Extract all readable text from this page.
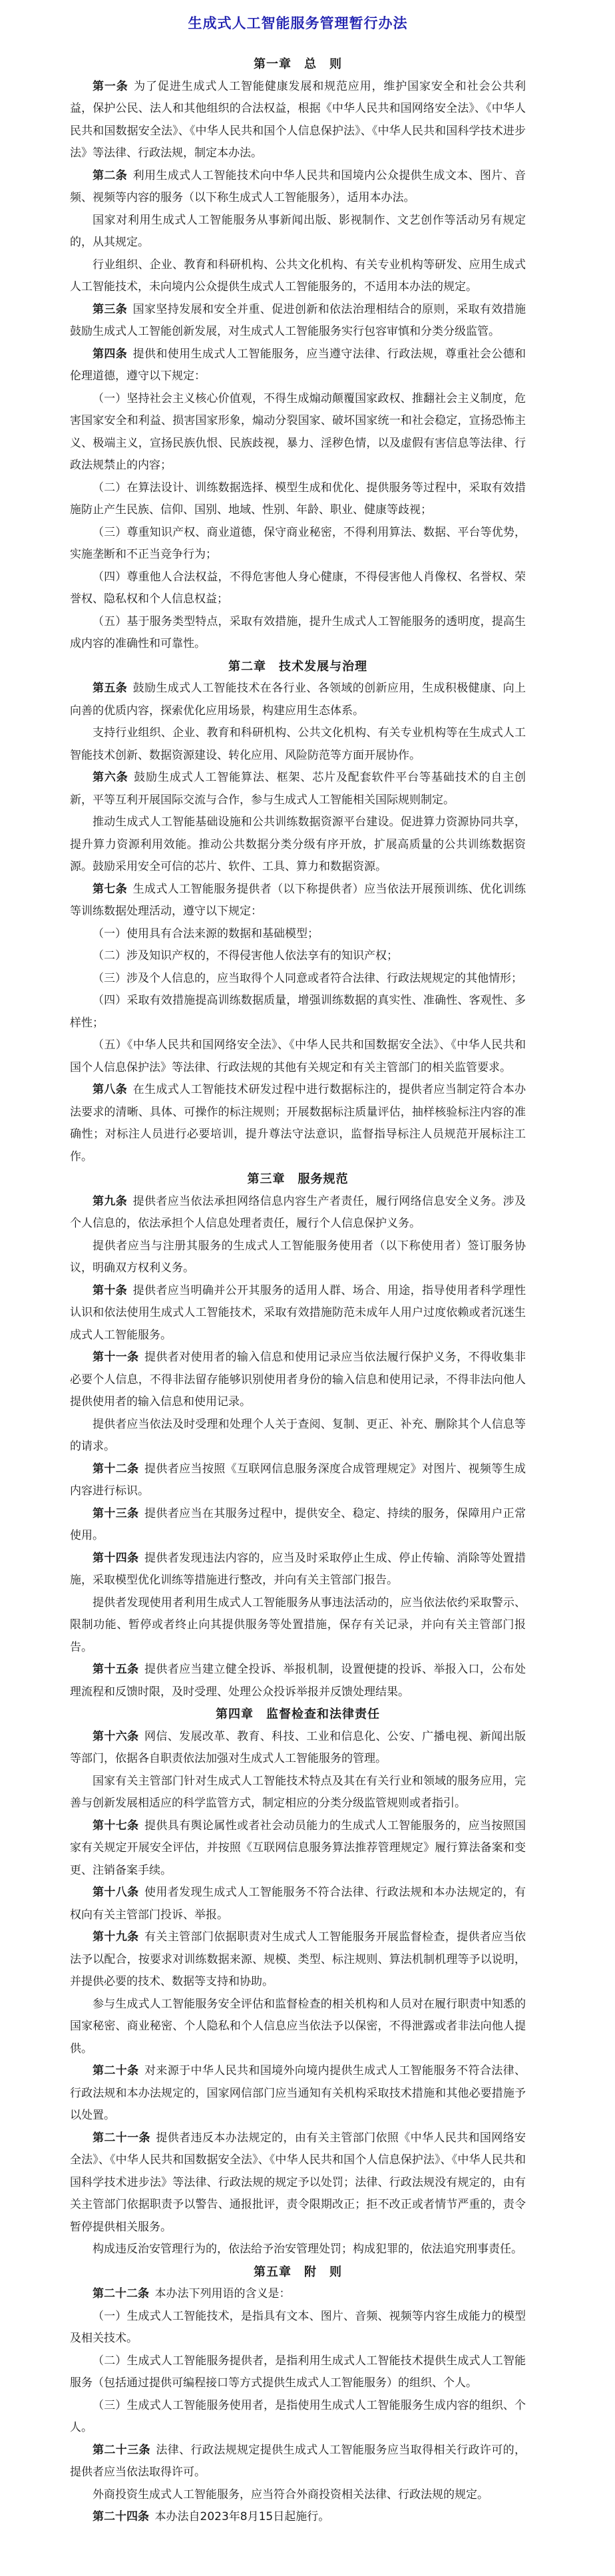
生成式人工智能服务管理暂行办法
第一章　总　则

第一条 为了促进生成式人工智能健康发展和规范应用，维护国家安全和社会公共利益，保护公民、法人和其他组织的合法权益，根据《中华人民共和国网络安全法》、《中华人民共和国数据安全法》、《中华人民共和国个人信息保护法》、《中华人民共和国科学技术进步法》等法律、行政法规，制定本办法。

第二条 利用生成式人工智能技术向中华人民共和国境内公众提供生成文本、图片、音频、视频等内容的服务（以下称生成式人工智能服务），适用本办法。

国家对利用生成式人工智能服务从事新闻出版、影视制作、文艺创作等活动另有规定的，从其规定。

行业组织、企业、教育和科研机构、公共文化机构、有关专业机构等研发、应用生成式人工智能技术，未向境内公众提供生成式人工智能服务的，不适用本办法的规定。

第三条 国家坚持发展和安全并重、促进创新和依法治理相结合的原则，采取有效措施鼓励生成式人工智能创新发展，对生成式人工智能服务实行包容审慎和分类分级监管。

第四条 提供和使用生成式人工智能服务，应当遵守法律、行政法规，尊重社会公德和伦理道德，遵守以下规定：

（一）坚持社会主义核心价值观，不得生成煽动颠覆国家政权、推翻社会主义制度，危害国家安全和利益、损害国家形象，煽动分裂国家、破坏国家统一和社会稳定，宣扬恐怖主义、极端主义，宣扬民族仇恨、民族歧视，暴力、淫秽色情，以及虚假有害信息等法律、行政法规禁止的内容；

（二）在算法设计、训练数据选择、模型生成和优化、提供服务等过程中，采取有效措施防止产生民族、信仰、国别、地域、性别、年龄、职业、健康等歧视；

（三）尊重知识产权、商业道德，保守商业秘密，不得利用算法、数据、平台等优势，实施垄断和不正当竞争行为；

（四）尊重他人合法权益，不得危害他人身心健康，不得侵害他人肖像权、名誉权、荣誉权、隐私权和个人信息权益；

（五）基于服务类型特点，采取有效措施，提升生成式人工智能服务的透明度，提高生成内容的准确性和可靠性。

第二章　技术发展与治理

第五条 鼓励生成式人工智能技术在各行业、各领域的创新应用，生成积极健康、向上向善的优质内容，探索优化应用场景，构建应用生态体系。

支持行业组织、企业、教育和科研机构、公共文化机构、有关专业机构等在生成式人工智能技术创新、数据资源建设、转化应用、风险防范等方面开展协作。

第六条 鼓励生成式人工智能算法、框架、芯片及配套软件平台等基础技术的自主创新，平等互利开展国际交流与合作，参与生成式人工智能相关国际规则制定。

推动生成式人工智能基础设施和公共训练数据资源平台建设。促进算力资源协同共享，提升算力资源利用效能。推动公共数据分类分级有序开放，扩展高质量的公共训练数据资源。鼓励采用安全可信的芯片、软件、工具、算力和数据资源。

第七条 生成式人工智能服务提供者（以下称提供者）应当依法开展预训练、优化训练等训练数据处理活动，遵守以下规定：

（一）使用具有合法来源的数据和基础模型；

（二）涉及知识产权的，不得侵害他人依法享有的知识产权；

（三）涉及个人信息的，应当取得个人同意或者符合法律、行政法规规定的其他情形；

（四）采取有效措施提高训练数据质量，增强训练数据的真实性、准确性、客观性、多样性；

（五）《中华人民共和国网络安全法》、《中华人民共和国数据安全法》、《中华人民共和国个人信息保护法》等法律、行政法规的其他有关规定和有关主管部门的相关监管要求。

第八条 在生成式人工智能技术研发过程中进行数据标注的，提供者应当制定符合本办法要求的清晰、具体、可操作的标注规则；开展数据标注质量评估，抽样核验标注内容的准确性；对标注人员进行必要培训，提升尊法守法意识，监督指导标注人员规范开展标注工作。

第三章　服务规范

第九条 提供者应当依法承担网络信息内容生产者责任，履行网络信息安全义务。涉及个人信息的，依法承担个人信息处理者责任，履行个人信息保护义务。

提供者应当与注册其服务的生成式人工智能服务使用者（以下称使用者）签订服务协议，明确双方权利义务。

第十条 提供者应当明确并公开其服务的适用人群、场合、用途，指导使用者科学理性认识和依法使用生成式人工智能技术，采取有效措施防范未成年人用户过度依赖或者沉迷生成式人工智能服务。

第十一条 提供者对使用者的输入信息和使用记录应当依法履行保护义务，不得收集非必要个人信息，不得非法留存能够识别使用者身份的输入信息和使用记录，不得非法向他人提供使用者的输入信息和使用记录。

提供者应当依法及时受理和处理个人关于查阅、复制、更正、补充、删除其个人信息等的请求。

第十二条 提供者应当按照《互联网信息服务深度合成管理规定》对图片、视频等生成内容进行标识。

第十三条 提供者应当在其服务过程中，提供安全、稳定、持续的服务，保障用户正常使用。

第十四条 提供者发现违法内容的，应当及时采取停止生成、停止传输、消除等处置措施，采取模型优化训练等措施进行整改，并向有关主管部门报告。

提供者发现使用者利用生成式人工智能服务从事违法活动的，应当依法依约采取警示、限制功能、暂停或者终止向其提供服务等处置措施，保存有关记录，并向有关主管部门报告。

第十五条 提供者应当建立健全投诉、举报机制，设置便捷的投诉、举报入口，公布处理流程和反馈时限，及时受理、处理公众投诉举报并反馈处理结果。

第四章　监督检查和法律责任

第十六条 网信、发展改革、教育、科技、工业和信息化、公安、广播电视、新闻出版等部门，依据各自职责依法加强对生成式人工智能服务的管理。

国家有关主管部门针对生成式人工智能技术特点及其在有关行业和领域的服务应用，完善与创新发展相适应的科学监管方式，制定相应的分类分级监管规则或者指引。

第十七条 提供具有舆论属性或者社会动员能力的生成式人工智能服务的，应当按照国家有关规定开展安全评估，并按照《互联网信息服务算法推荐管理规定》履行算法备案和变更、注销备案手续。

第十八条 使用者发现生成式人工智能服务不符合法律、行政法规和本办法规定的，有权向有关主管部门投诉、举报。

第十九条 有关主管部门依据职责对生成式人工智能服务开展监督检查，提供者应当依法予以配合，按要求对训练数据来源、规模、类型、标注规则、算法机制机理等予以说明，并提供必要的技术、数据等支持和协助。

参与生成式人工智能服务安全评估和监督检查的相关机构和人员对在履行职责中知悉的国家秘密、商业秘密、个人隐私和个人信息应当依法予以保密，不得泄露或者非法向他人提供。

第二十条 对来源于中华人民共和国境外向境内提供生成式人工智能服务不符合法律、行政法规和本办法规定的，国家网信部门应当通知有关机构采取技术措施和其他必要措施予以处置。

第二十一条 提供者违反本办法规定的，由有关主管部门依照《中华人民共和国网络安全法》、《中华人民共和国数据安全法》、《中华人民共和国个人信息保护法》、《中华人民共和国科学技术进步法》等法律、行政法规的规定予以处罚；法律、行政法规没有规定的，由有关主管部门依据职责予以警告、通报批评，责令限期改正；拒不改正或者情节严重的，责令暂停提供相关服务。

构成违反治安管理行为的，依法给予治安管理处罚；构成犯罪的，依法追究刑事责任。

第五章　附　则

第二十二条 本办法下列用语的含义是：

（一）生成式人工智能技术，是指具有文本、图片、音频、视频等内容生成能力的模型及相关技术。

（二）生成式人工智能服务提供者，是指利用生成式人工智能技术提供生成式人工智能服务（包括通过提供可编程接口等方式提供生成式人工智能服务）的组织、个人。

（三）生成式人工智能服务使用者，是指使用生成式人工智能服务生成内容的组织、个人。

第二十三条 法律、行政法规规定提供生成式人工智能服务应当取得相关行政许可的，提供者应当依法取得许可。

外商投资生成式人工智能服务，应当符合外商投资相关法律、行政法规的规定。

第二十四条 本办法自2023年8月15日起施行。
